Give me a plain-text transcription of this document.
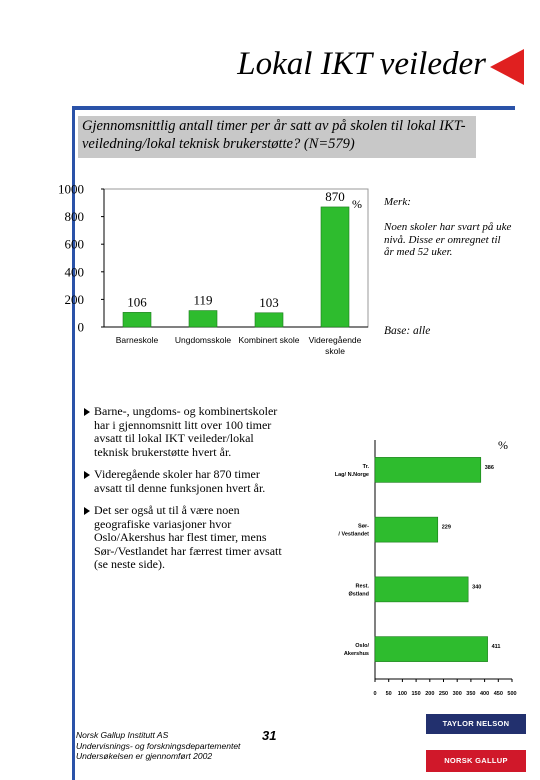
Lokal IKT veileder
Gjennomsnittlig antall timer per år satt av på skolen til lokal IKT-veiledning/lokal teknisk brukerstøtte? (N=579)
0
200
400
600
800
1000
%
106
Barneskole
119
Ungdomsskole
103
Kombinert skole
870
Videregående
skole
Merk:
Noen skoler har svart på uke nivå. Disse er omregnet til år med 52 uker.
Base: alle
Barne-, ungdoms- og kombinertskoler har i gjennomsnitt litt over 100 timer avsatt til lokal IKT veileder/lokal teknisk brukerstøtte hvert år.
Videregående skoler har 870 timer avsatt til denne funksjonen hvert år.
Det ser også ut til å være noen geografiske variasjoner hvor Oslo/Akershus har flest timer, mens Sør-/Vestlandet har færrest timer avsatt (se neste side).
0 50 100 150 200 250 300 350 400 450 500
%
386
Tr.
Lag/ N.Norge
229
Sør-
/ Vestlandet
340
Rest.
Østland
411
Oslo/
Akershus
Norsk Gallup Institutt AS
Undervisnings- og forskningsdepartementet
Undersøkelsen er gjennomført 2002
31
TAYLOR NELSON
NORSK GALLUP
